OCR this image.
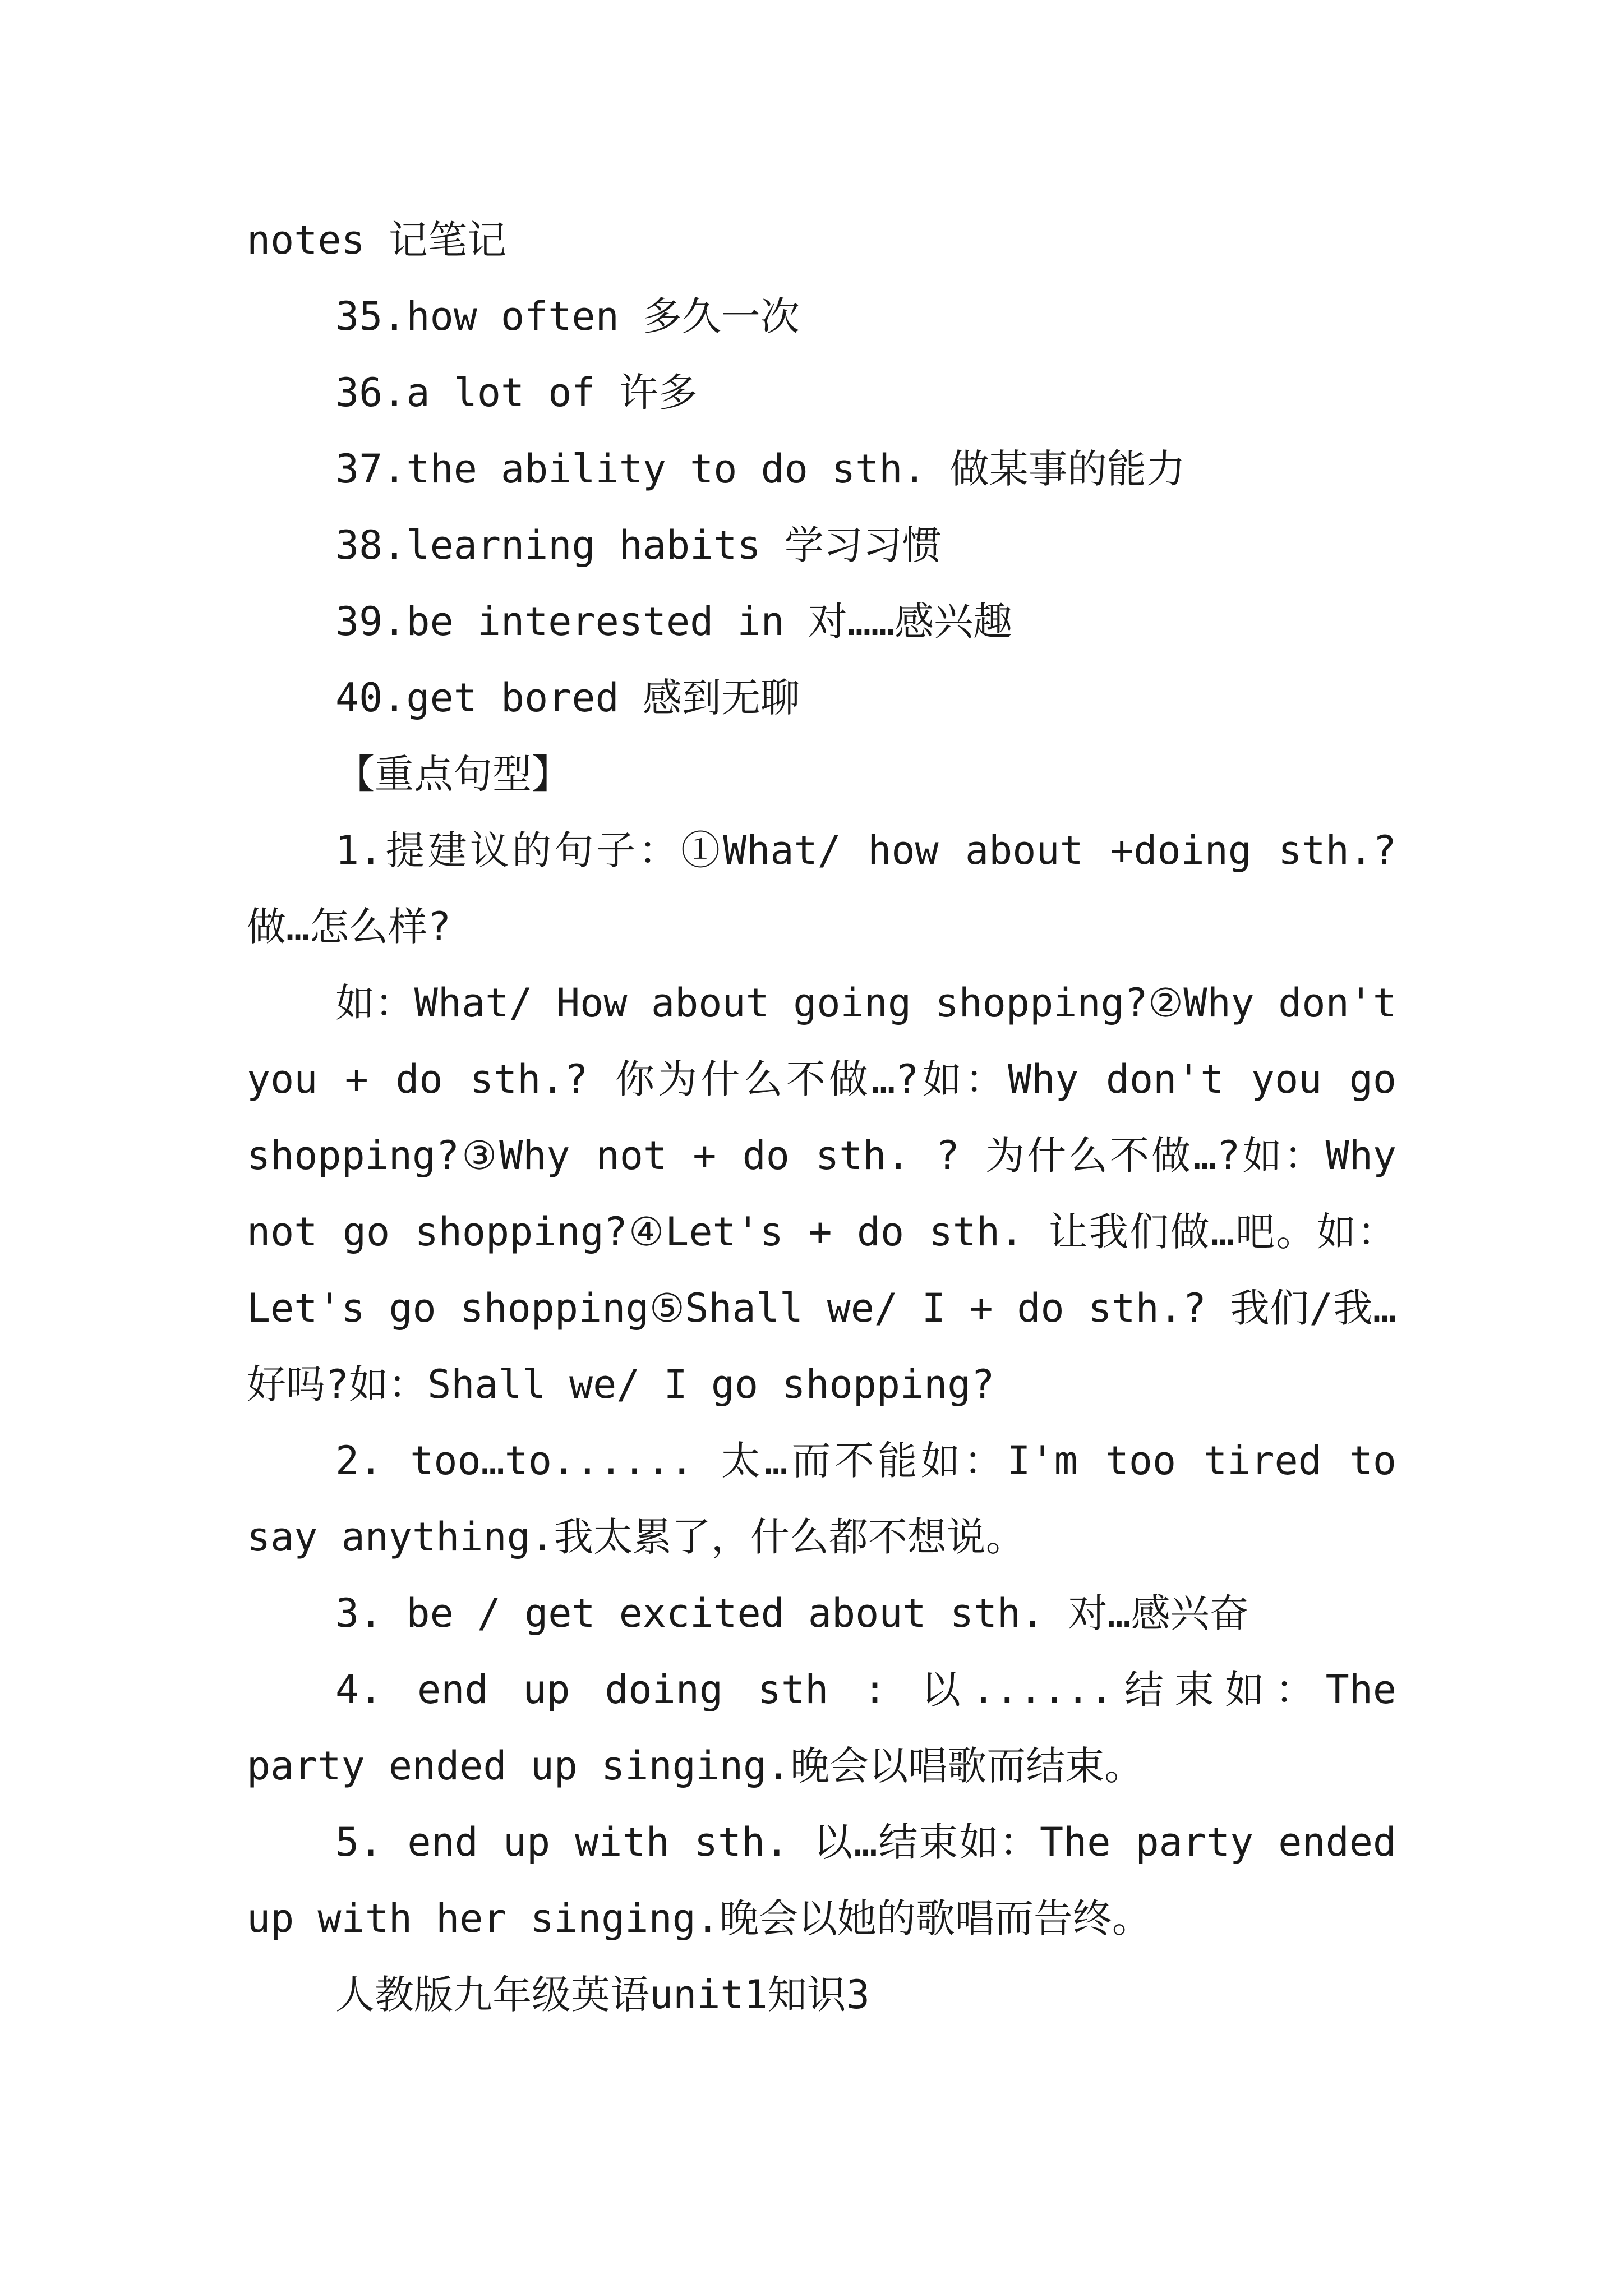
notes 记笔记
35.how often 多久一次
36.a lot of 许多
37.the ability to do sth. 做某事的能力
38.learning habits 学习习惯
39.be interested in 对……感兴趣
40.get bored 感到无聊
【重点句型】

1.提建议的句子：①What/ how about +doing sth.? 做…怎么样?

如：What/ How about going shopping?②Why don't you + do sth.? 你为什么不做…?如：Why don't you go shopping?③Why not + do sth. ? 为什么不做…?如：Why not go shopping?④Let's + do sth. 让我们做…吧。如：Let's go shopping⑤Shall we/ I + do sth.? 我们/我…好吗?如：Shall we/ I go shopping?

2. too…to...... 太…而不能如：I'm too tired to say anything.我太累了，什么都不想说。

3. be / get excited about sth. 对…感兴奋

4. end up doing sth : 以......结束如：The party ended up singing.晚会以唱歌而结束。

5. end up with sth. 以…结束如：The party ended up with her singing.晚会以她的歌唱而告终。

人教版九年级英语unit1知识3
